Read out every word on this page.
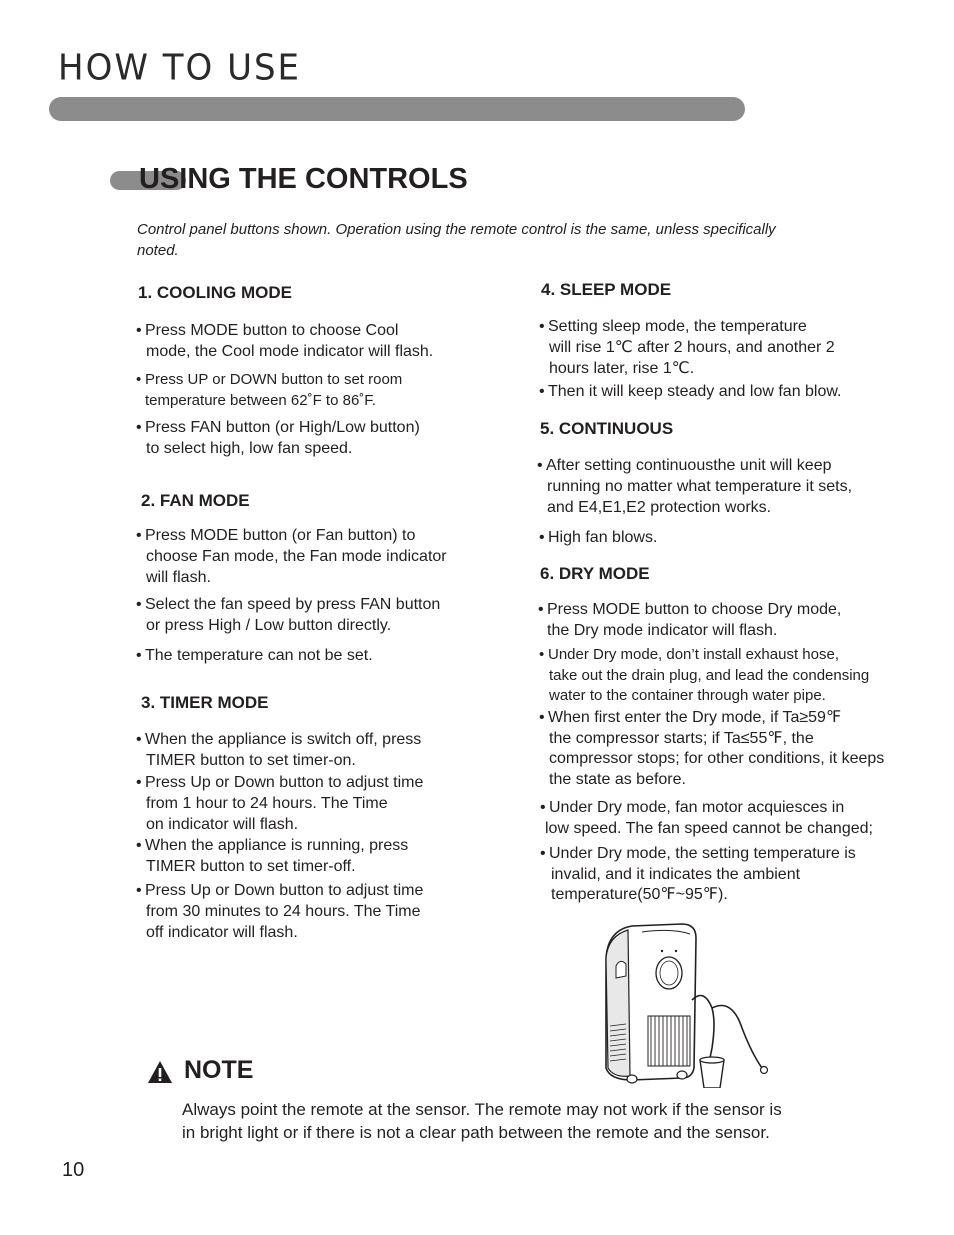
HOW TO USE
USING THE CONTROLS
Control panel buttons shown. Operation using the remote control is the same, unless specifically noted.
1. COOLING MODE
• Press MODE button to choose Cool
mode, the Cool mode indicator will flash.
• Press UP or DOWN button to set room
temperature between 62˚F to 86˚F.
• Press FAN button (or High/Low button)
to select high, low fan speed.
2. FAN MODE
• Press MODE button (or Fan button) to
choose Fan mode, the Fan mode indicator
will flash.
• Select the fan speed by press FAN button
or press High / Low button directly.
• The temperature can not be set.
3. TIMER MODE
• When the appliance is switch off, press
TIMER button to set timer-on.
• Press Up or Down button to adjust time
from 1 hour to 24 hours. The Time
on indicator will flash.
• When the appliance is running, press
TIMER button to set timer-off.
• Press Up or Down button to adjust time
from 30 minutes to 24 hours. The Time
off indicator will flash.
4. SLEEP MODE
• Setting sleep mode, the temperature
will rise 1℃ after 2 hours, and another 2
hours later, rise 1℃.
• Then it will keep steady and low fan blow.
5. CONTINUOUS
• After setting continuousthe unit will keep
running no matter what temperature it sets,
and E4,E1,E2 protection works.
• High fan blows.
6. DRY MODE
• Press MODE button to choose Dry mode,
the Dry mode indicator will flash.
• Under Dry mode, don’t install exhaust hose,
take out the drain plug, and lead the condensing
water to the container through water pipe.
• When first enter the Dry mode, if Ta≥59℉
the compressor starts; if Ta≤55℉, the
compressor stops; for other conditions, it keeps
the state as before.
• Under Dry mode, fan motor acquiesces in
low speed. The fan speed cannot be changed;
• Under Dry mode, the setting temperature is
invalid, and it indicates the ambient
temperature(50℉~95℉).
NOTE
Always point the remote at the sensor. The remote may not work if the sensor is in bright light or if there is not a clear path between the remote and the sensor.
10
